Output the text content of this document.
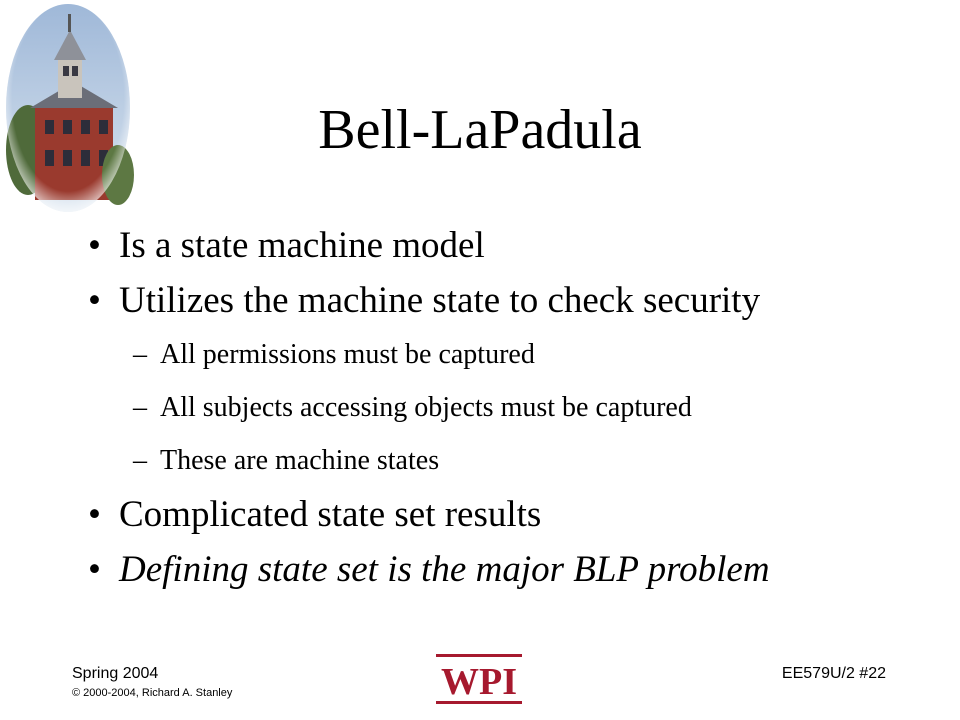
Bell-LaPadula
• Is a state machine model
• Utilizes the machine state to check security
– All permissions must be captured
– All subjects accessing objects must be captured
– These are machine states
• Complicated state set results
• Defining state set is the major BLP problem
Spring 2004
© 2000-2004, Richard A. Stanley	WPI	EE579U/2 #22
